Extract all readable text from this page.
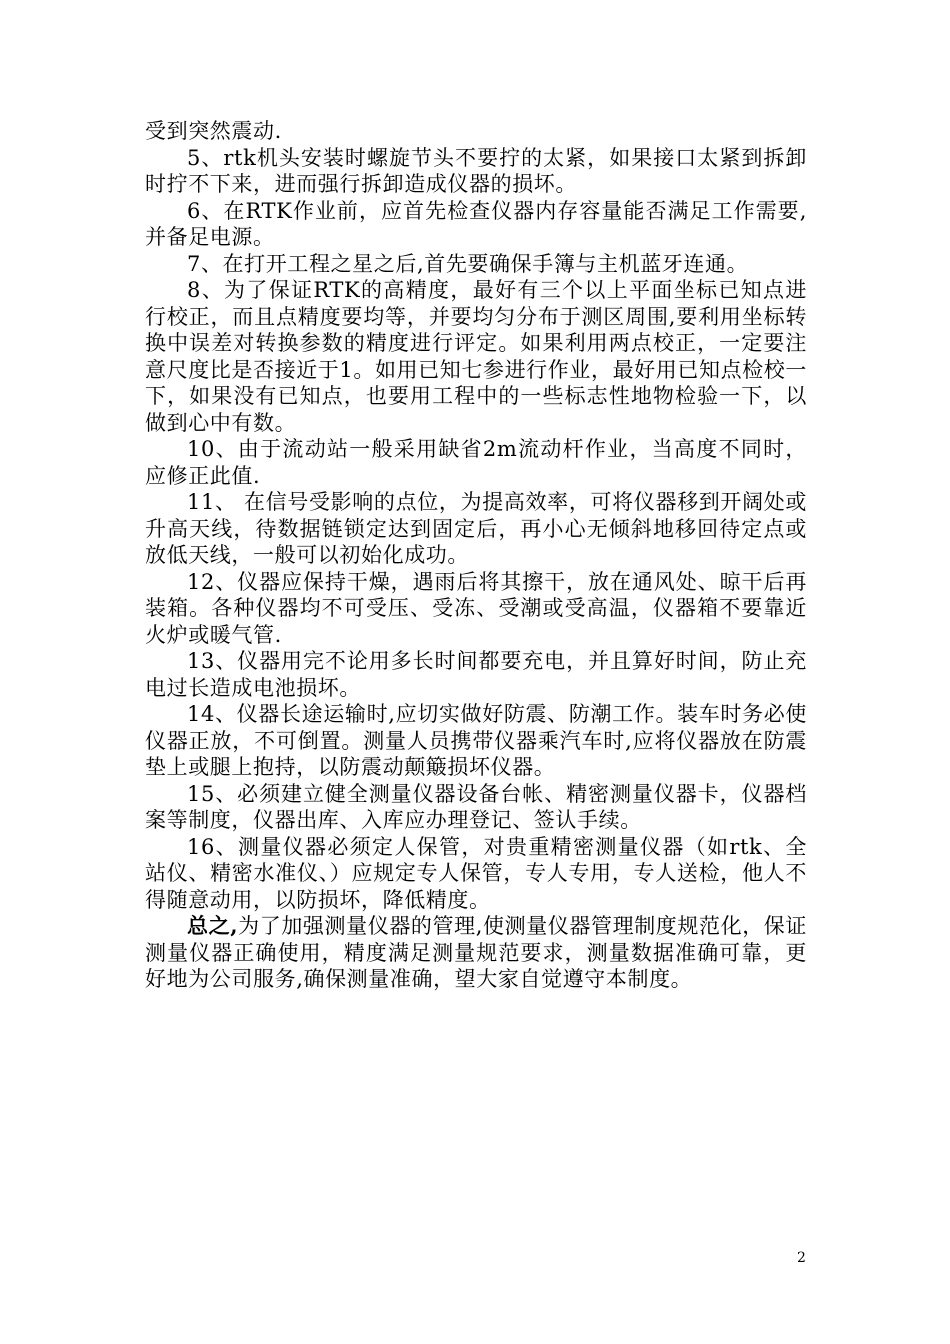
受到突然震动.

5、rtk机头安装时螺旋节头不要拧的太紧，如果接口太紧到拆卸时拧不下来，进而强行拆卸造成仪器的损坏。

6、在RTK作业前，应首先检查仪器内存容量能否满足工作需要,并备足电源。

7、在打开工程之星之后,首先要确保手簿与主机蓝牙连通。

8、为了保证RTK的高精度，最好有三个以上平面坐标已知点进行校正，而且点精度要均等，并要均匀分布于测区周围,要利用坐标转换中误差对转换参数的精度进行评定。如果利用两点校正，一定要注意尺度比是否接近于1。如用已知七参进行作业，最好用已知点检校一下，如果没有已知点，也要用工程中的一些标志性地物检验一下，以做到心中有数。

10、由于流动站一般采用缺省2m流动杆作业，当高度不同时，应修正此值.

11、 在信号受影响的点位，为提高效率，可将仪器移到开阔处或升高天线，待数据链锁定达到固定后，再小心无倾斜地移回待定点或放低天线，一般可以初始化成功。

12、仪器应保持干燥，遇雨后将其擦干，放在通风处、晾干后再装箱。各种仪器均不可受压、受冻、受潮或受高温，仪器箱不要靠近火炉或暖气管.

13、仪器用完不论用多长时间都要充电，并且算好时间，防止充电过长造成电池损坏。

14、仪器长途运输时,应切实做好防震、防潮工作。装车时务必使仪器正放，不可倒置。测量人员携带仪器乘汽车时,应将仪器放在防震垫上或腿上抱持，以防震动颠簸损坏仪器。

15、必须建立健全测量仪器设备台帐、精密测量仪器卡，仪器档案等制度，仪器出库、入库应办理登记、签认手续。

16、测量仪器必须定人保管，对贵重精密测量仪器（如rtk、全站仪、精密水准仪、）应规定专人保管，专人专用，专人送检，他人不得随意动用，以防损坏，降低精度。

总之,为了加强测量仪器的管理,使测量仪器管理制度规范化，保证测量仪器正确使用，精度满足测量规范要求，测量数据准确可靠，更好地为公司服务,确保测量准确，望大家自觉遵守本制度。

2
